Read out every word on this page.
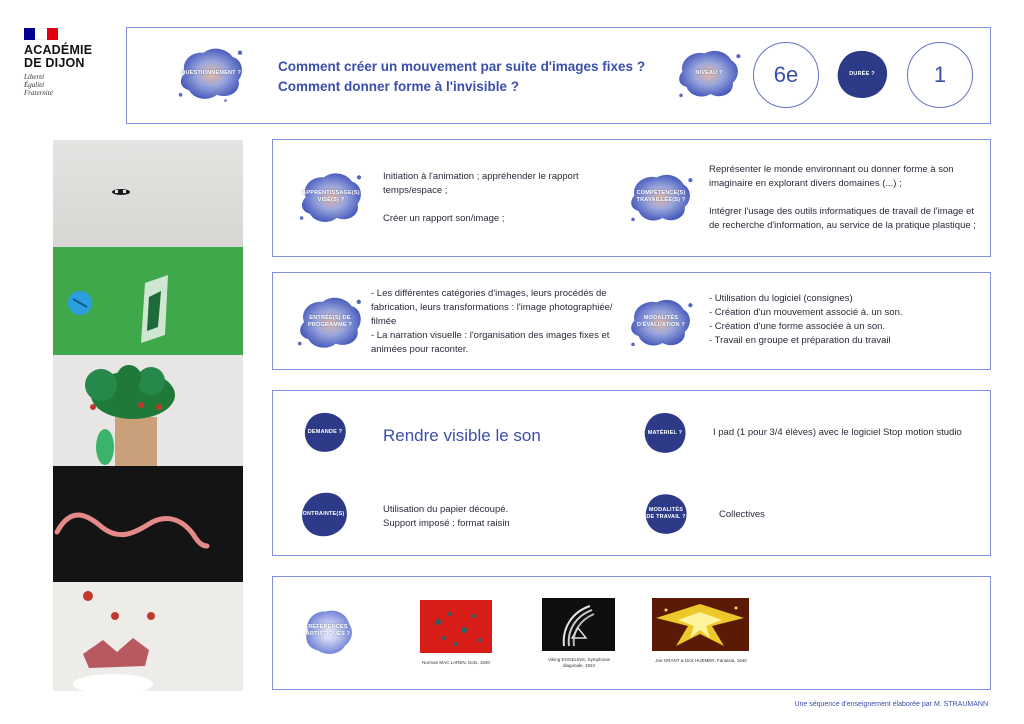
ACADÉMIE
DE DIJON
Liberté
Égalité
Fraternité
QUESTIONNEMENT ?	Comment créer un mouvement par suite d'images fixes ?
Comment donner forme à l'invisible ?
NIVEAU ?	6e	DURÉE ?	1
APPRENTISSAGE(S)
VISÉ(S) ?
Initiation à l'animation ; appréhender le rapport
temps/espace ;
Créer un rapport son/image ;
COMPÉTENCE(S)
TRAVAILLÉE(S) ?
Représenter le monde environnant ou donner forme à son
imaginaire en explorant divers domaines (...) ;
Intégrer l'usage des outils informatiques de travail de l'image et
de recherche d'information, au service de la pratique plastique ;
ENTRÉE(S) DE
PROGRAMME ?
- Les différentes catégories d'images, leurs procédés de
fabrication, leurs transformations : l'image photographiée/
filmée
- La narration visuelle : l'organisation des images fixes et
animées pour raconter.
MODALITÉS
D'ÉVALUATION ?
- Utilisation du logiciel (consignes)
- Création d'un mouvement associé à. un son.
- Création d'une forme associée à un son.
- Travail en groupe et préparation du travail
DEMANDE ? Rendre visible le son	MATÉRIEL ?	I pad (1 pour 3/4 élèves) avec le logiciel Stop motion studio
CONTRAINTE(S) ?	Utilisation du papier découpé.
Support imposé : format raisin
MODALITÉS
DE TRAVAIL ?	Collectives
RÉFÉRENCES
ARTISTIQUES ?
Norman MAC LAREN, Dots, 1940
Viking EGGELING, Symphonie
diagonale, 1924
Joe GRANT & Dick HUEMER, Fantasia, 1940
Une séquence d'enseignement élaborée par M. STRAUMANN
